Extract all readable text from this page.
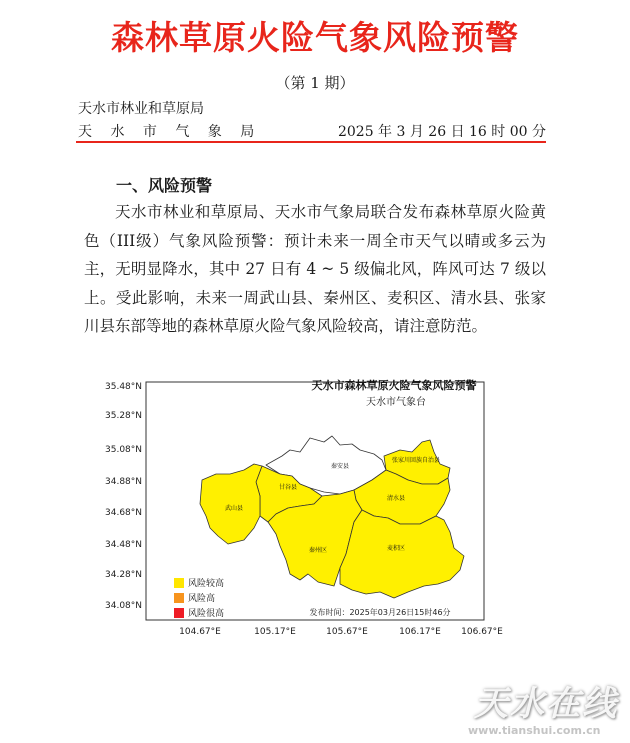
森林草原火险气象风险预警
（第 1 期）
天水市林业和草原局
天 水 市 气 象 局	2025 年 3 月 26 日 16 时 00 分
一、风险预警
天水市林业和草原局、天水市气象局联合发布森林草原火险黄色（III级）气象风险预警：预计未来一周全市天气以晴或多云为主，无明显降水，其中 27 日有 4 ~ 5 级偏北风，阵风可达 7 级以上。受此影响，未来一周武山县、秦州区、麦积区、清水县、张家川县东部等地的森林草原火险气象风险较高，请注意防范。
35.48°N
35.28°N
35.08°N
34.88°N
34.68°N
34.48°N
34.28°N
34.08°N
104.67°E	105.17°E	105.67°E	106.17°E 106.67°E
天水市森林草原火险气象风险预警
天水市气象台
张家川回族自治县
秦安县
甘谷县
武山县
清水县
秦州区	麦积区
风险较高
风险高
风险很高	发布时间：2025年03月26日15时46分
天水在线
www.tianshui.com.cn
